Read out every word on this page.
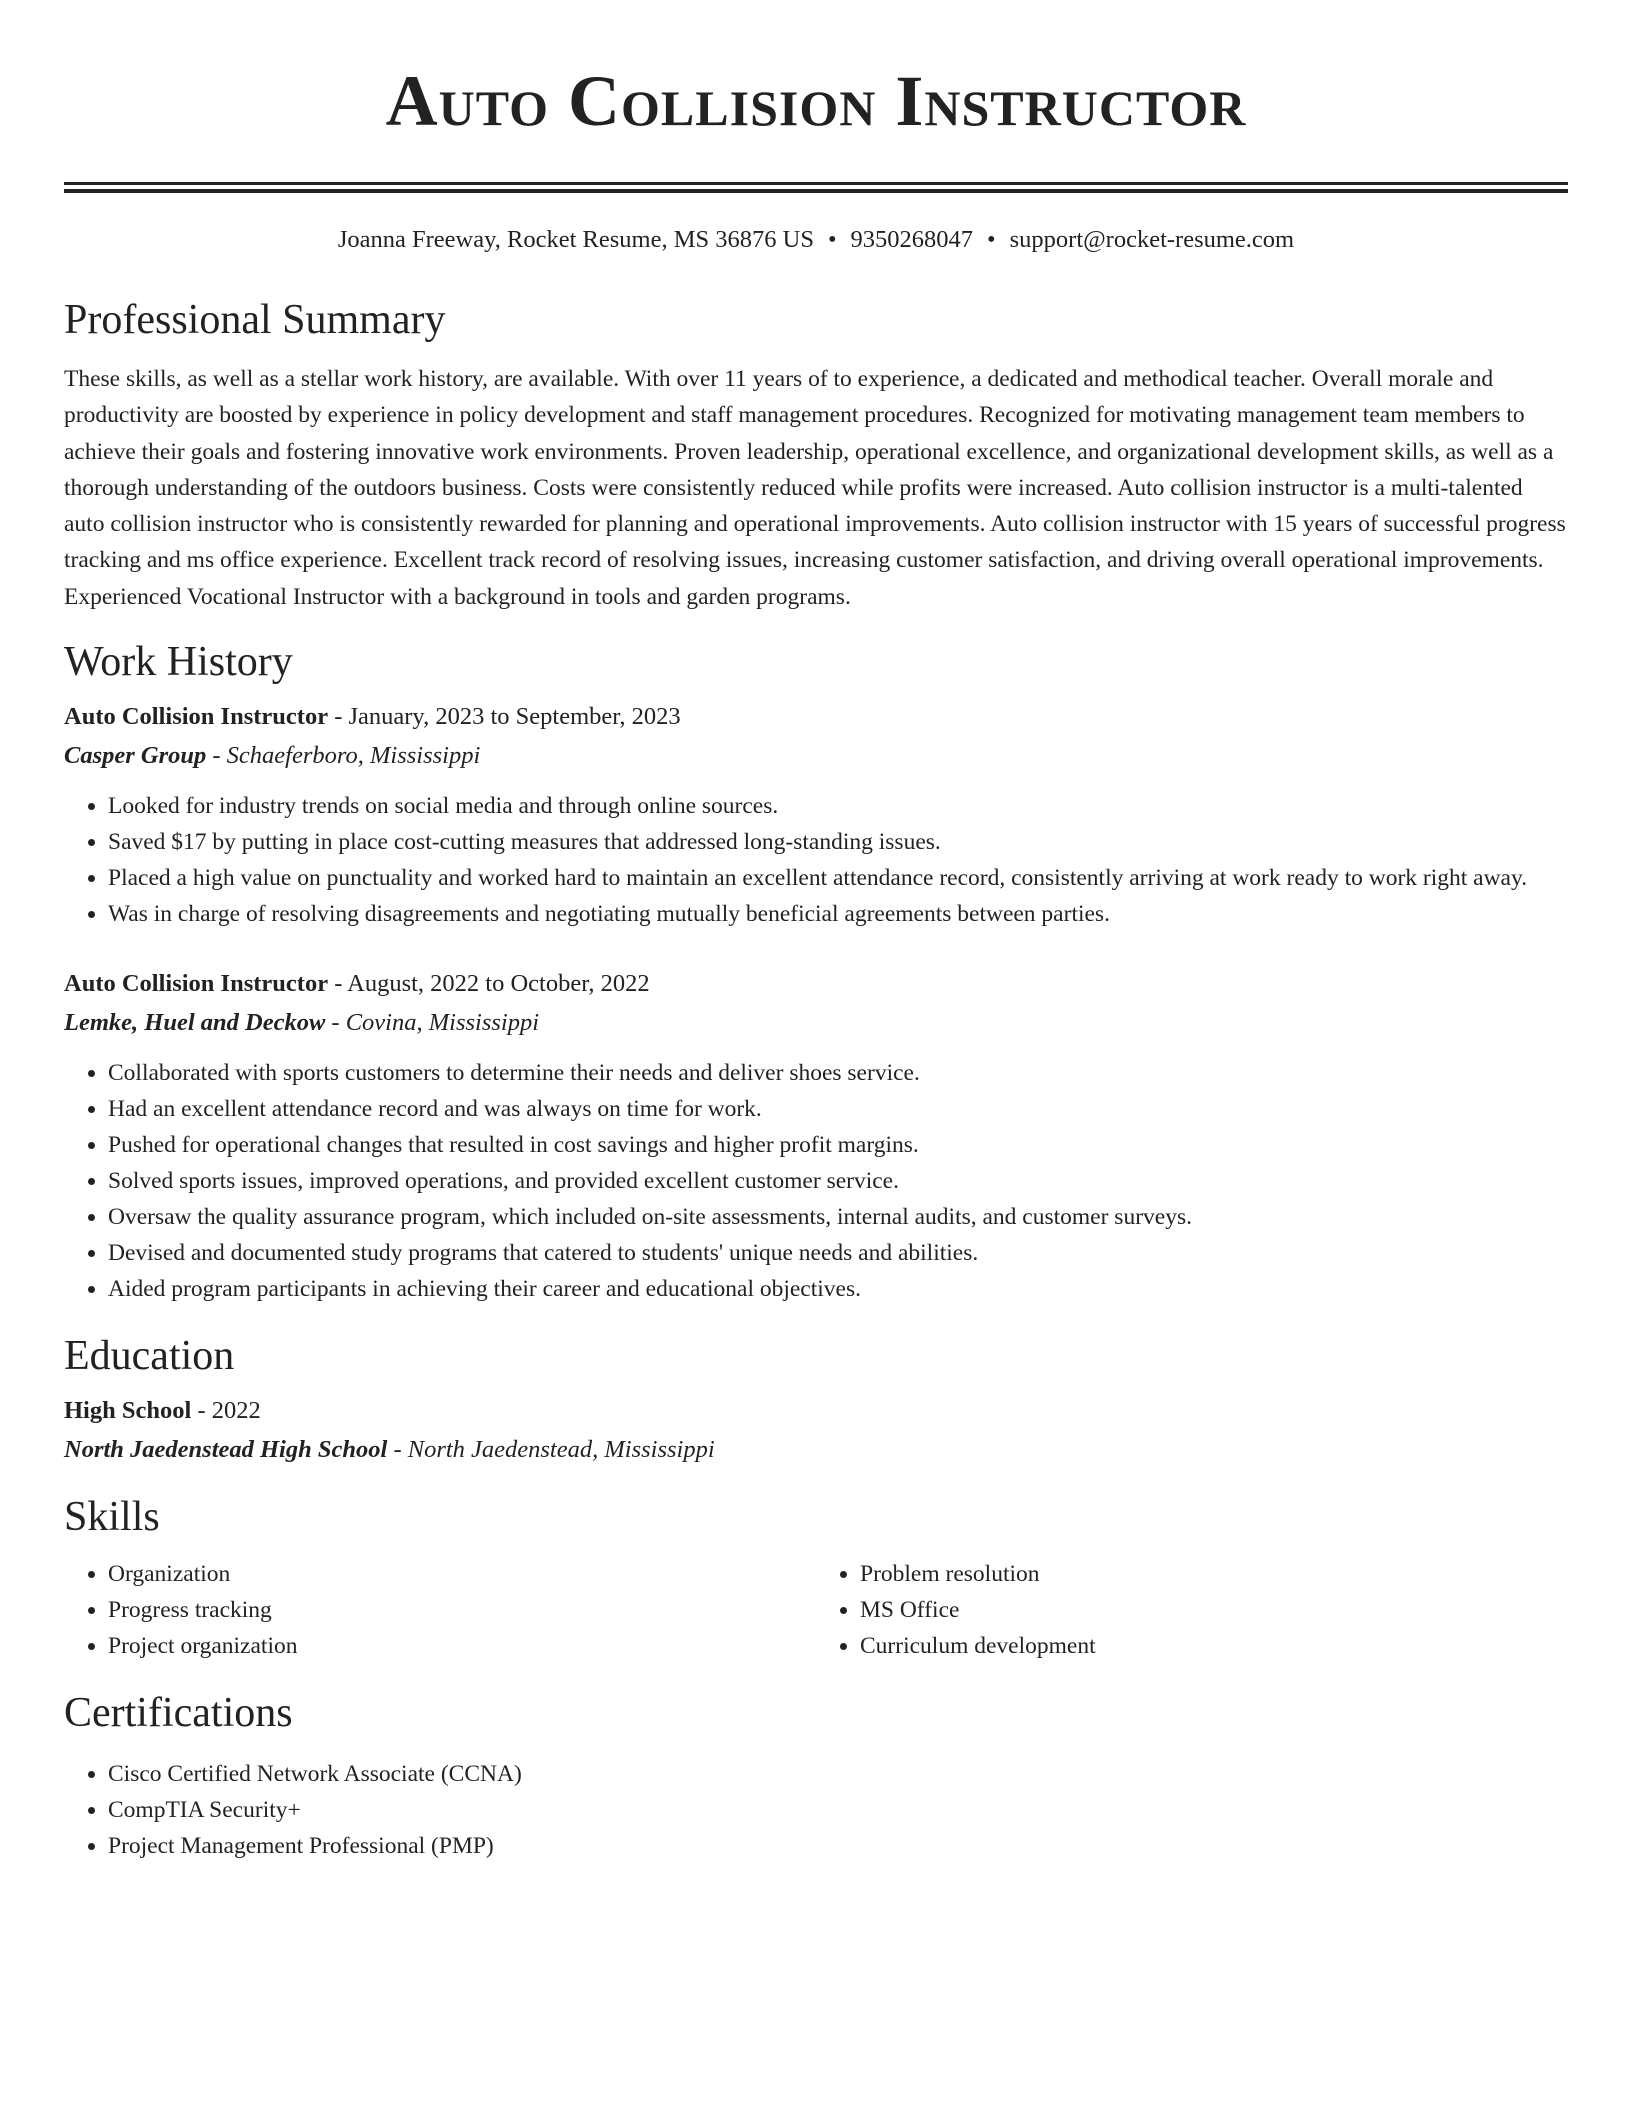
Auto Collision Instructor
Joanna Freeway, Rocket Resume, MS 36876 US • 9350268047 • support@rocket-resume.com
Professional Summary

These skills, as well as a stellar work history, are available. With over 11 years of to experience, a dedicated and methodical teacher. Overall morale and productivity are boosted by experience in policy development and staff management procedures. Recognized for motivating management team members to achieve their goals and fostering innovative work environments. Proven leadership, operational excellence, and organizational development skills, as well as a thorough understanding of the outdoors business. Costs were consistently reduced while profits were increased. Auto collision instructor is a multi-talented auto collision instructor who is consistently rewarded for planning and operational improvements. Auto collision instructor with 15 years of successful progress tracking and ms office experience. Excellent track record of resolving issues, increasing customer satisfaction, and driving overall operational improvements. Experienced Vocational Instructor with a background in tools and garden programs.

Work History
Auto Collision Instructor - January, 2023 to September, 2023
Casper Group - Schaeferboro, Mississippi
• Looked for industry trends on social media and through online sources.
• Saved $17 by putting in place cost-cutting measures that addressed long-standing issues.
• Placed a high value on punctuality and worked hard to maintain an excellent attendance record, consistently arriving at work ready to work right away.
• Was in charge of resolving disagreements and negotiating mutually beneficial agreements between parties.
Auto Collision Instructor - August, 2022 to October, 2022
Lemke, Huel and Deckow - Covina, Mississippi
• Collaborated with sports customers to determine their needs and deliver shoes service.
• Had an excellent attendance record and was always on time for work.
• Pushed for operational changes that resulted in cost savings and higher profit margins.
• Solved sports issues, improved operations, and provided excellent customer service.
• Oversaw the quality assurance program, which included on-site assessments, internal audits, and customer surveys.
• Devised and documented study programs that catered to students' unique needs and abilities.
• Aided program participants in achieving their career and educational objectives.
Education
High School - 2022
North Jaedenstead High School - North Jaedenstead, Mississippi
Skills
• Organization
• Progress tracking
• Project organization
• Problem resolution
• MS Office
• Curriculum development
Certifications
• Cisco Certified Network Associate (CCNA)
• CompTIA Security+
• Project Management Professional (PMP)
